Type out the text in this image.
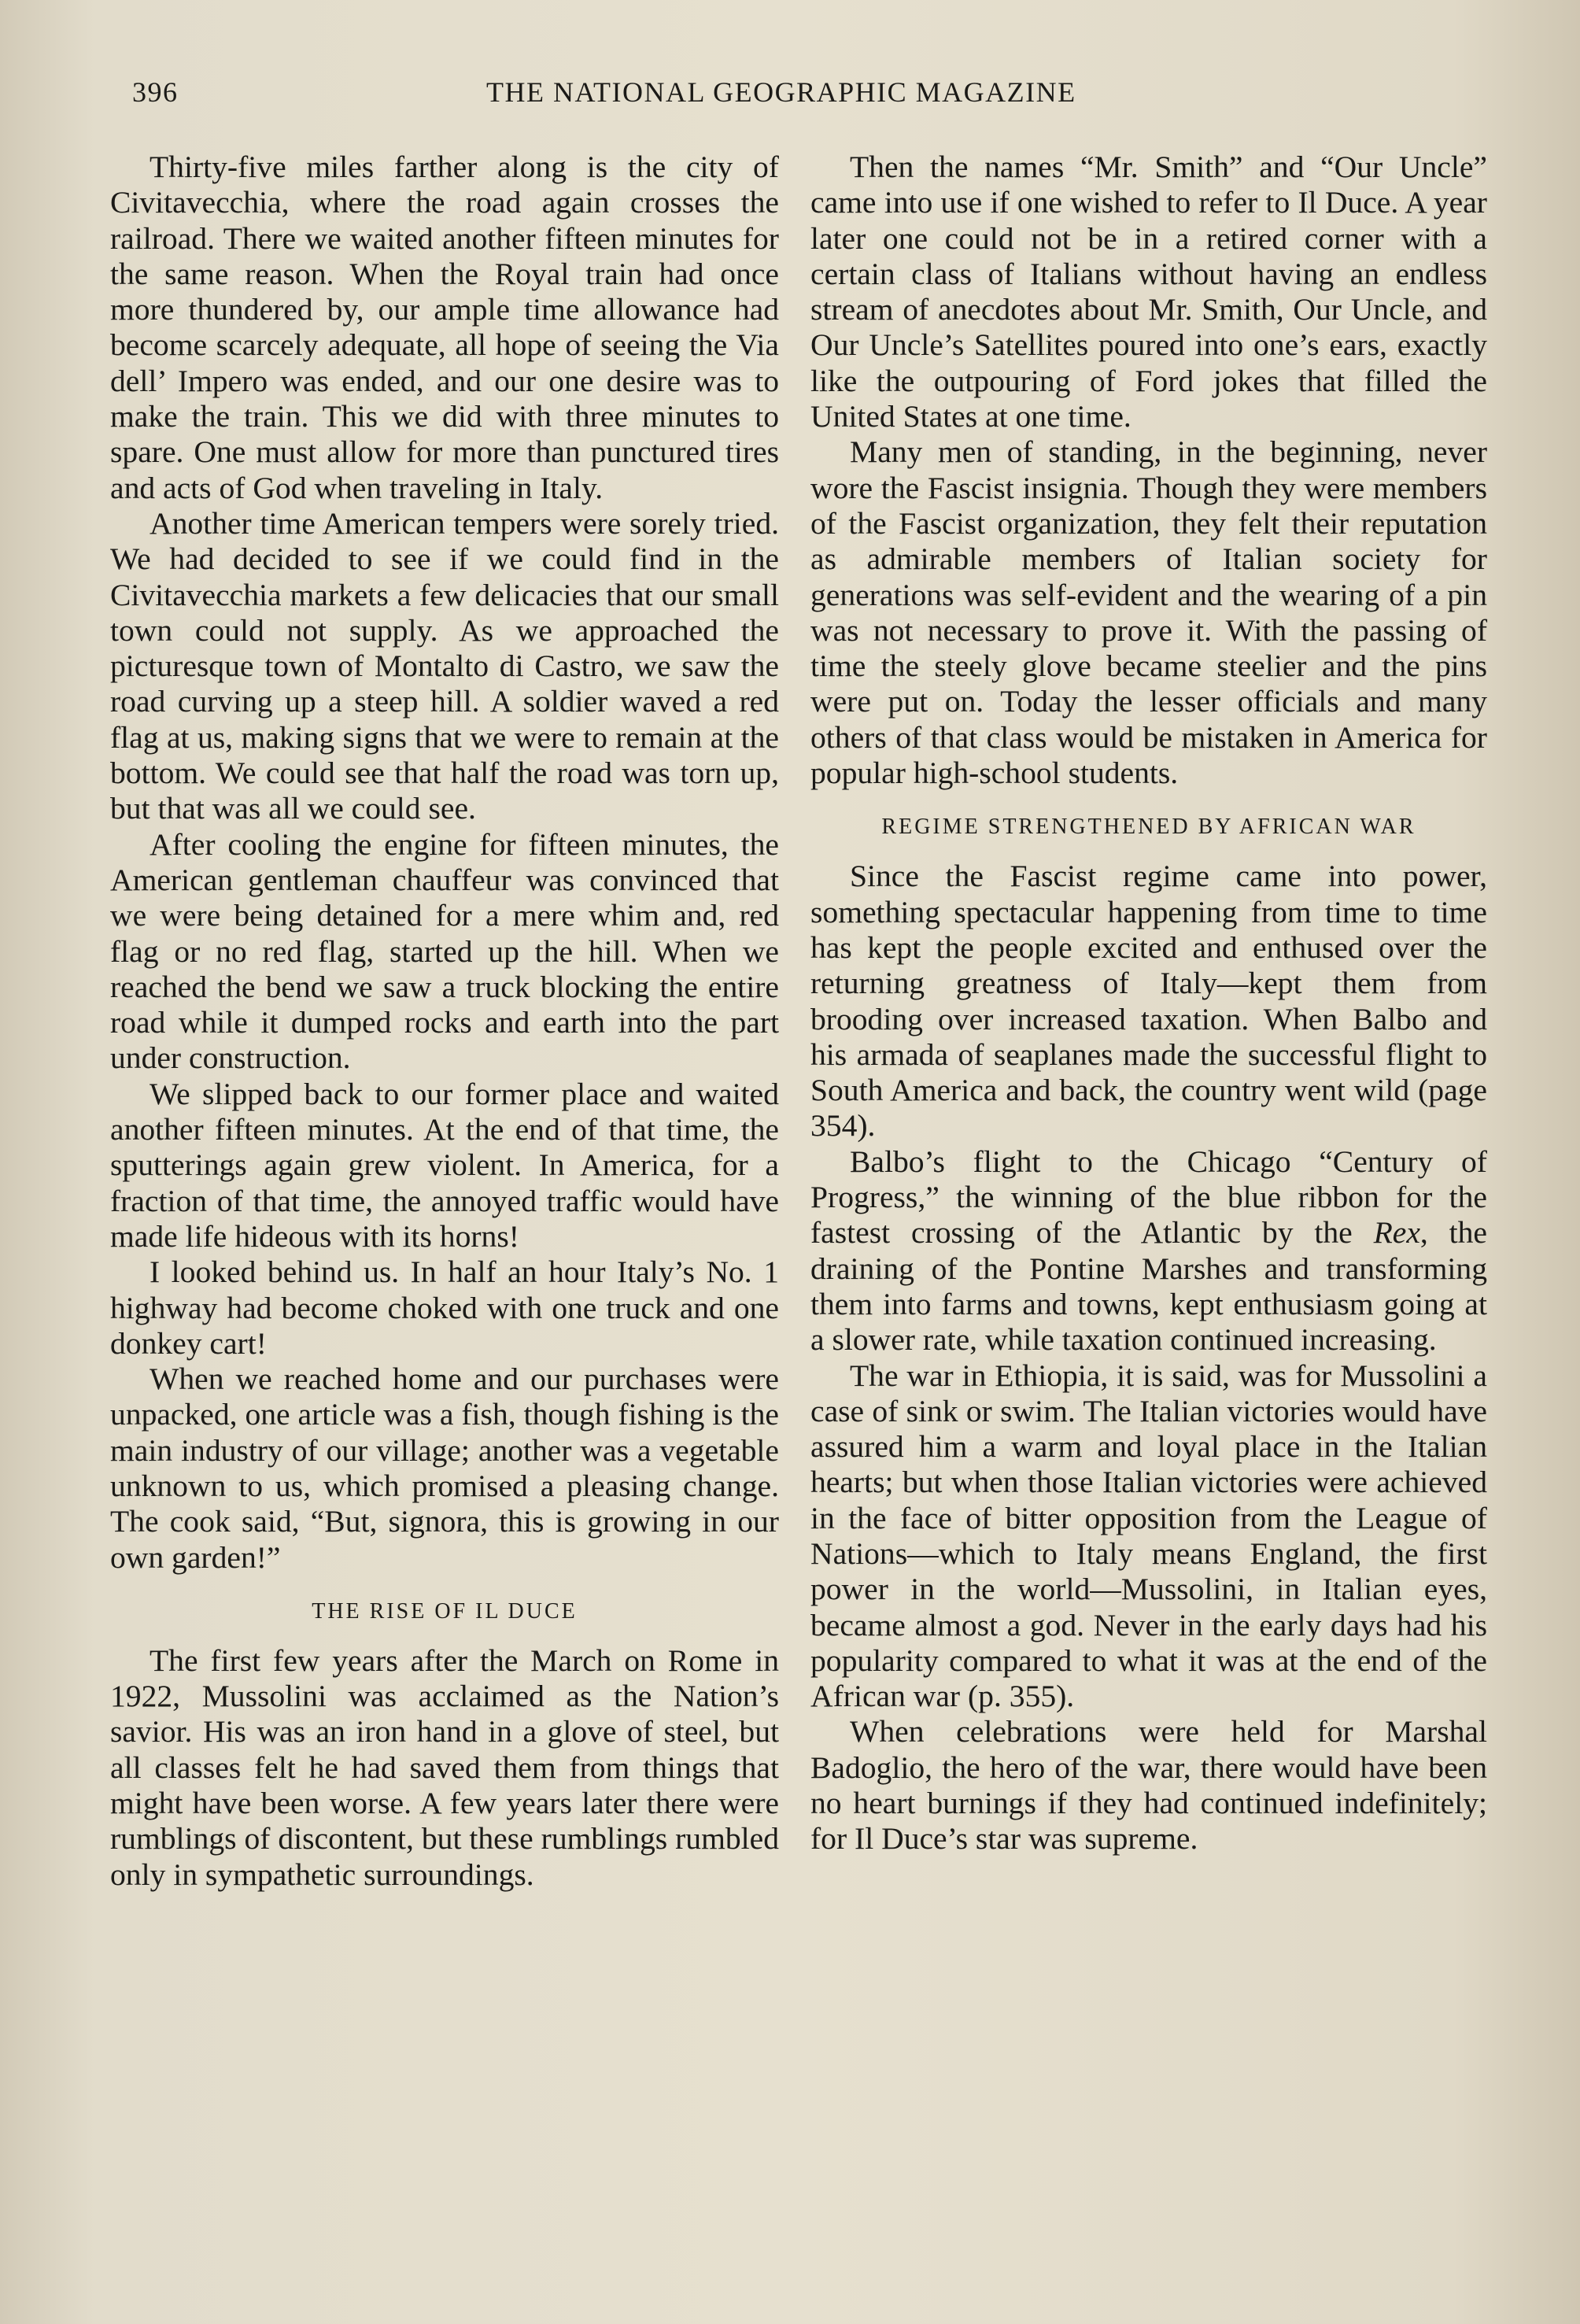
396	THE NATIONAL GEOGRAPHIC MAGAZINE

Thirty-five miles farther along is the city of Civitavecchia, where the road again crosses the railroad. There we waited another fifteen minutes for the same reason. When the Royal train had once more thundered by, our ample time allowance had become scarcely adequate, all hope of seeing the Via dell’ Impero was ended, and our one desire was to make the train. This we did with three minutes to spare. One must allow for more than punctured tires and acts of God when traveling in Italy.

Another time American tempers were sorely tried. We had decided to see if we could find in the Civitavecchia markets a few delicacies that our small town could not supply. As we approached the picturesque town of Montalto di Castro, we saw the road curving up a steep hill. A soldier waved a red flag at us, making signs that we were to remain at the bottom. We could see that half the road was torn up, but that was all we could see.

After cooling the engine for fifteen minutes, the American gentleman chauffeur was convinced that we were being detained for a mere whim and, red flag or no red flag, started up the hill. When we reached the bend we saw a truck blocking the entire road while it dumped rocks and earth into the part under construction.

We slipped back to our former place and waited another fifteen minutes. At the end of that time, the sputterings again grew violent. In America, for a fraction of that time, the annoyed traffic would have made life hideous with its horns!

I looked behind us. In half an hour Italy’s No. 1 highway had become choked with one truck and one donkey cart!

When we reached home and our purchases were unpacked, one article was a fish, though fishing is the main industry of our village; another was a vegetable unknown to us, which promised a pleasing change. The cook said, “But, signora, this is growing in our own garden!”

THE RISE OF IL DUCE

The first few years after the March on Rome in 1922, Mussolini was acclaimed as the Nation’s savior. His was an iron hand in a glove of steel, but all classes felt he had saved them from things that might have been worse. A few years later there were rumblings of discontent, but these rumblings rumbled only in sympathetic surroundings.

Then the names “Mr. Smith” and “Our Uncle” came into use if one wished to refer to Il Duce. A year later one could not be in a retired corner with a certain class of Italians without having an endless stream of anecdotes about Mr. Smith, Our Uncle, and Our Uncle’s Satellites poured into one’s ears, exactly like the outpouring of Ford jokes that filled the United States at one time.

Many men of standing, in the beginning, never wore the Fascist insignia. Though they were members of the Fascist organization, they felt their reputation as admirable members of Italian society for generations was self-evident and the wearing of a pin was not necessary to prove it. With the passing of time the steely glove became steelier and the pins were put on. Today the lesser officials and many others of that class would be mistaken in America for popular high-school students.

REGIME STRENGTHENED BY AFRICAN WAR

Since the Fascist regime came into power, something spectacular happening from time to time has kept the people excited and enthused over the returning greatness of Italy—kept them from brooding over increased taxation. When Balbo and his armada of seaplanes made the successful flight to South America and back, the country went wild (page 354).

Balbo’s flight to the Chicago “Century of Progress,” the winning of the blue ribbon for the fastest crossing of the Atlantic by the Rex, the draining of the Pontine Marshes and transforming them into farms and towns, kept enthusiasm going at a slower rate, while taxation continued increasing.

The war in Ethiopia, it is said, was for Mussolini a case of sink or swim. The Italian victories would have assured him a warm and loyal place in the Italian hearts; but when those Italian victories were achieved in the face of bitter opposition from the League of Nations—which to Italy means England, the first power in the world—Mussolini, in Italian eyes, became almost a god. Never in the early days had his popularity compared to what it was at the end of the African war (p. 355).

When celebrations were held for Marshal Badoglio, the hero of the war, there would have been no heart burnings if they had continued indefinitely; for Il Duce’s star was supreme.
